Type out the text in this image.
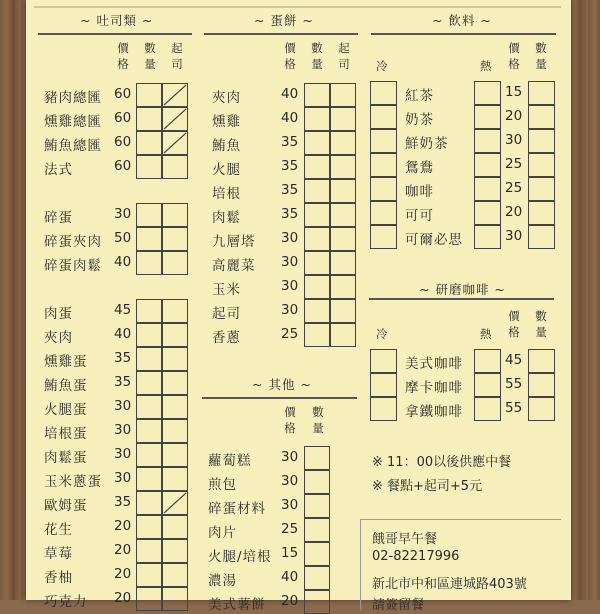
~ 吐司類 ~
價格
數量
起司
~ 蛋餅 ~
價格
數量
起司
~ 其他 ~
價格
數量
~ 飲料 ~
冷	熱
價格
數量
~ 研磨咖啡 ~
冷	熱
價格
數量
※ 11：00以後供應中餐
※ 餐點+起司+5元
餓哥早午餐
02-82217996
新北市中和區連城路403號
請簽留餐
豬肉總匯 60
燻雞總匯 60
鮪魚總匯 60
法式	60
碎蛋	30
碎蛋夾肉 50
碎蛋肉鬆 40
肉蛋	45
夾肉	40
燻雞蛋 35
鮪魚蛋 35
火腿蛋 30
培根蛋 30
肉鬆蛋 30
玉米蔥蛋 30
歐姆蛋 35
花生	20
草莓	20
香柚	20
巧克力 20
夾肉	40
燻雞	40
鮪魚	35
火腿	35
培根	35
肉鬆	35
九層塔 30
高麗菜 30
玉米	30
起司	30
香蔥	25
蘿蔔糕 30
煎包	30
碎蛋材料 30
肉片	25
火腿/培根 15
濃湯	40
美式薯餅 20
紅茶	15
奶茶	20
鮮奶茶	30
鴛鴦	25
咖啡	25
可可	20
可爾必思	30
美式咖啡	45
摩卡咖啡	55
拿鐵咖啡	55
